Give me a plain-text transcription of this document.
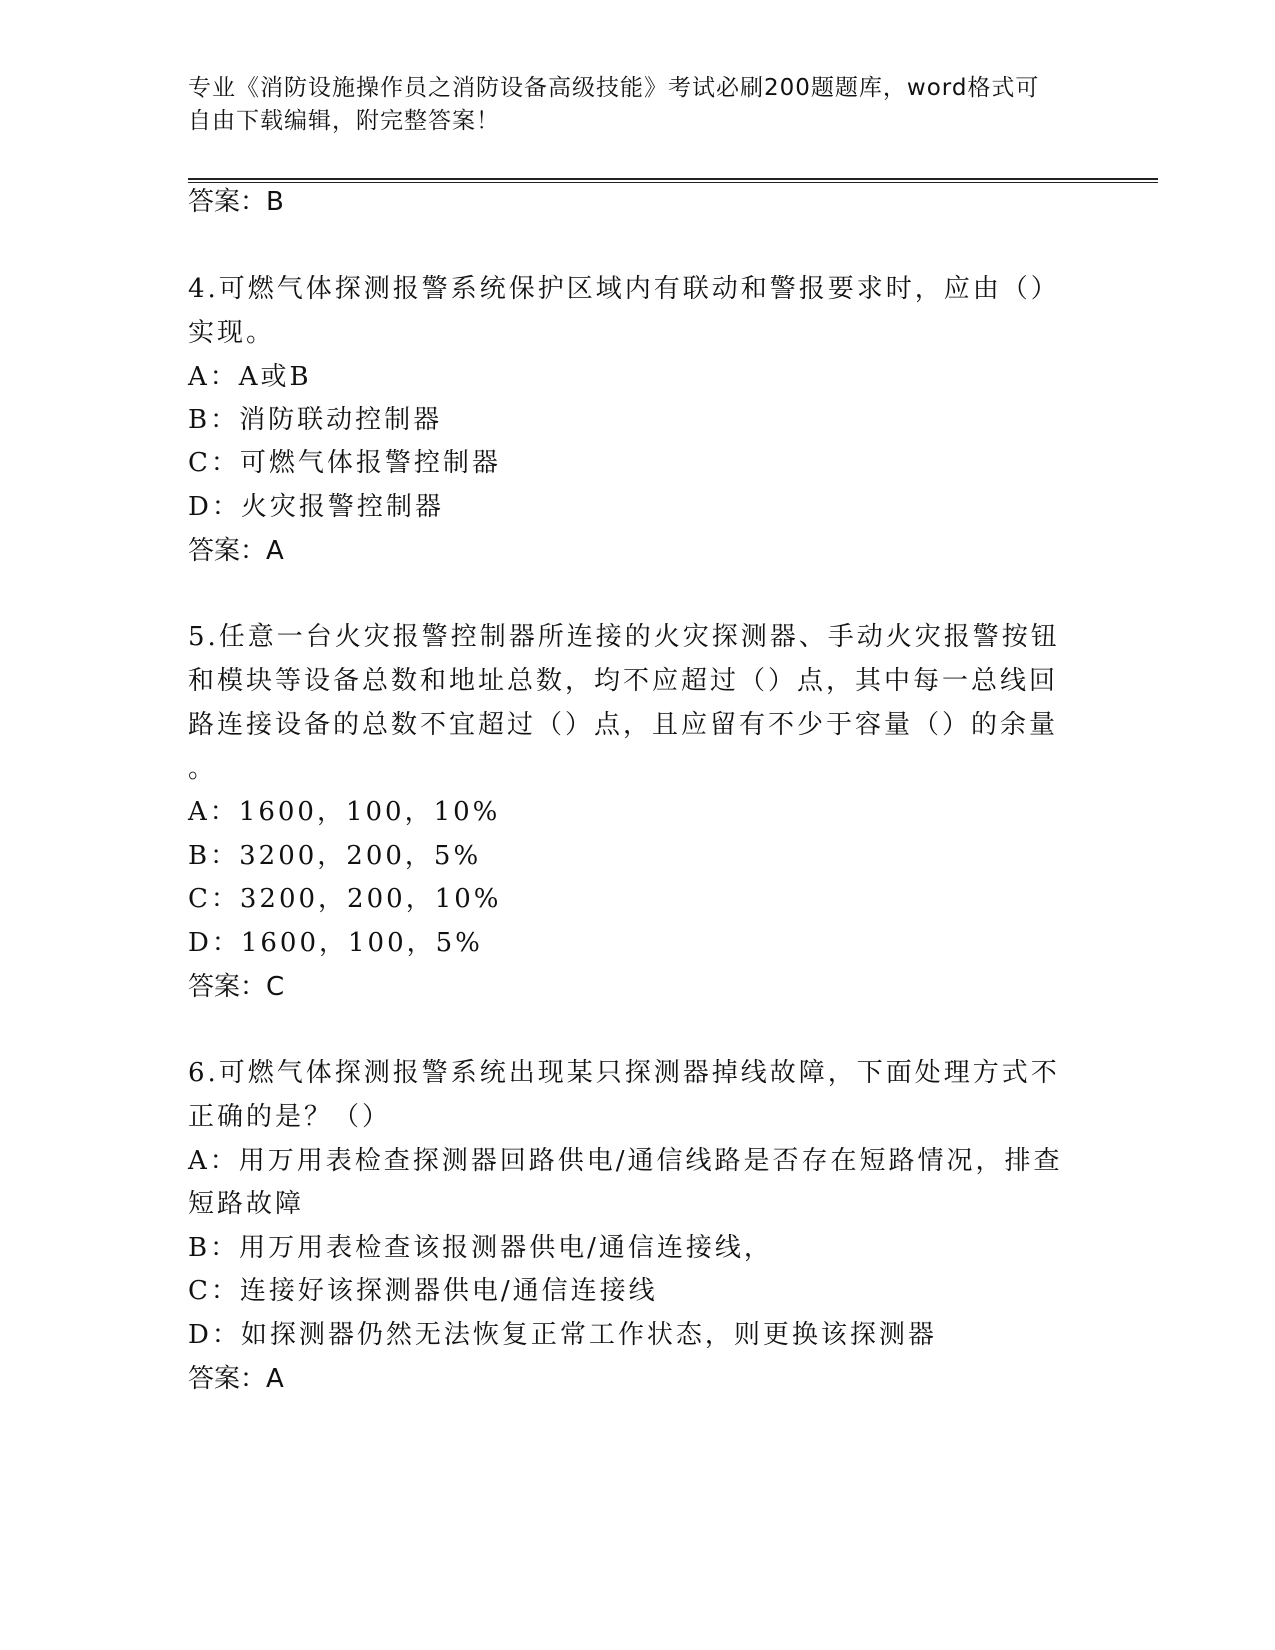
专业《消防设施操作员之消防设备高级技能》考试必刷200题题库，word格式可
自由下载编辑，附完整答案！
答案：B
4.可燃气体探测报警系统保护区域内有联动和警报要求时，应由（）
实现。
A：A或B
B：消防联动控制器
C：可燃气体报警控制器
D：火灾报警控制器
答案：A
5.任意一台火灾报警控制器所连接的火灾探测器、手动火灾报警按钮
和模块等设备总数和地址总数，均不应超过（）点，其中每一总线回
路连接设备的总数不宜超过（）点，且应留有不少于容量（）的余量
。
A：1600，100，10%
B：3200，200，5%
C：3200，200，10%
D：1600，100，5%
答案：C
6.可燃气体探测报警系统出现某只探测器掉线故障，下面处理方式不
正确的是？（）
A：用万用表检查探测器回路供电/通信线路是否存在短路情况，排查
短路故障
B：用万用表检查该报测器供电/通信连接线，
C：连接好该探测器供电/通信连接线
D：如探测器仍然无法恢复正常工作状态，则更换该探测器
答案：A
